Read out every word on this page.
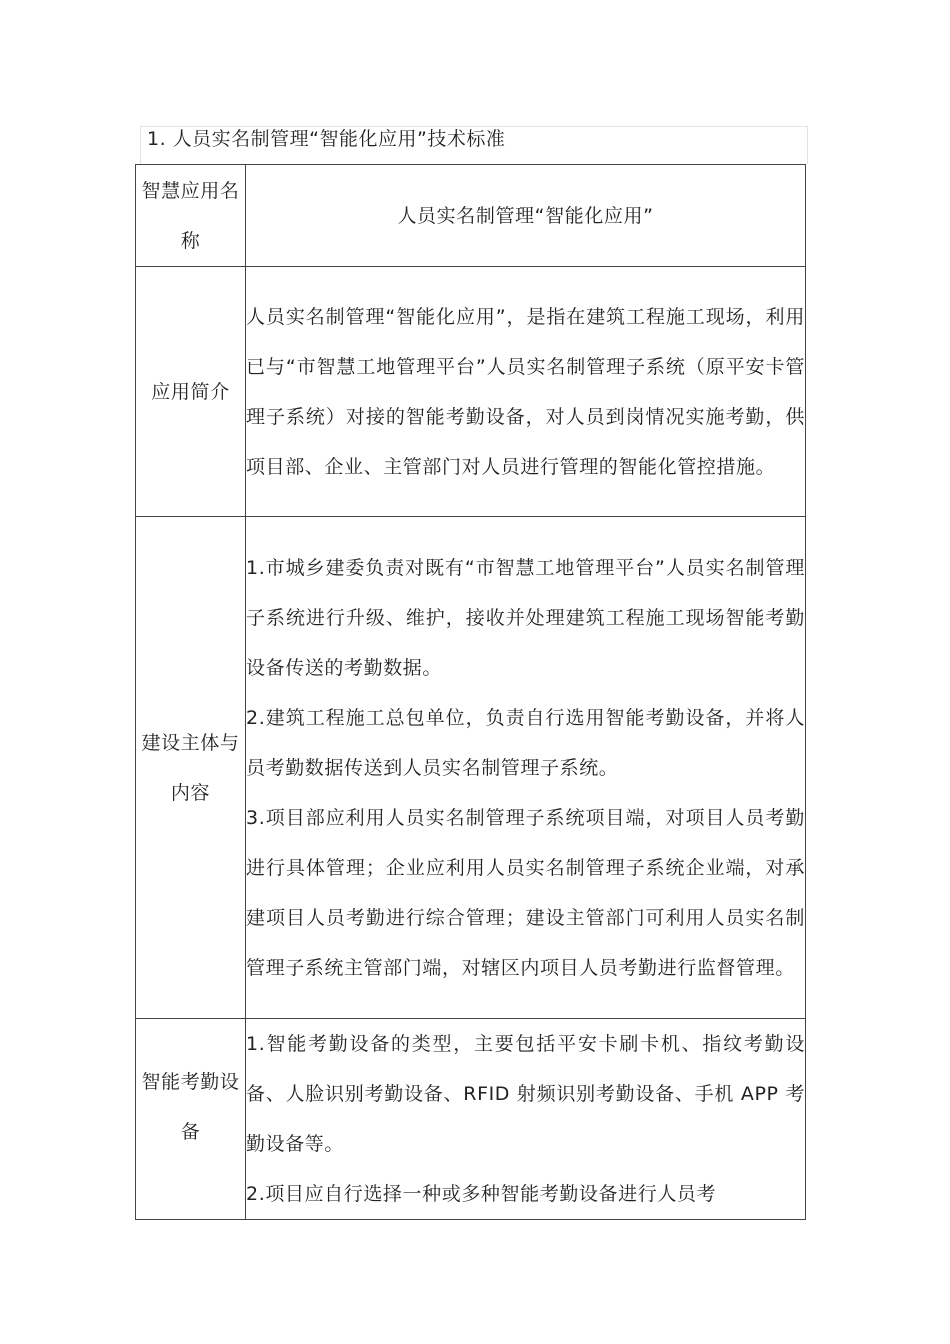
1. 人员实名制管理“智能化应用”技术标准
智慧应用名称	人员实名制管理“智能化应用”

应用简介	人员实名制管理“智能化应用”，是指在建筑工程施工现场，利用已与“市智慧工地管理平台”人员实名制管理子系统（原平安卡管理子系统）对接的智能考勤设备，对人员到岗情况实施考勤，供项目部、企业、主管部门对人员进行管理的智能化管控措施。

建设主体与内容	1.市城乡建委负责对既有“市智慧工地管理平台”人员实名制管理子系统进行升级、维护，接收并处理建筑工程施工现场智能考勤设备传送的考勤数据。
2.建筑工程施工总包单位，负责自行选用智能考勤设备，并将人员考勤数据传送到人员实名制管理子系统。
3.项目部应利用人员实名制管理子系统项目端，对项目人员考勤进行具体管理；企业应利用人员实名制管理子系统企业端，对承建项目人员考勤进行综合管理；建设主管部门可利用人员实名制管理子系统主管部门端，对辖区内项目人员考勤进行监督管理。

智能考勤设备	1.智能考勤设备的类型，主要包括平安卡刷卡机、指纹考勤设备、人脸识别考勤设备、RFID 射频识别考勤设备、手机 APP 考勤设备等。
2.项目应自行选择一种或多种智能考勤设备进行人员考
